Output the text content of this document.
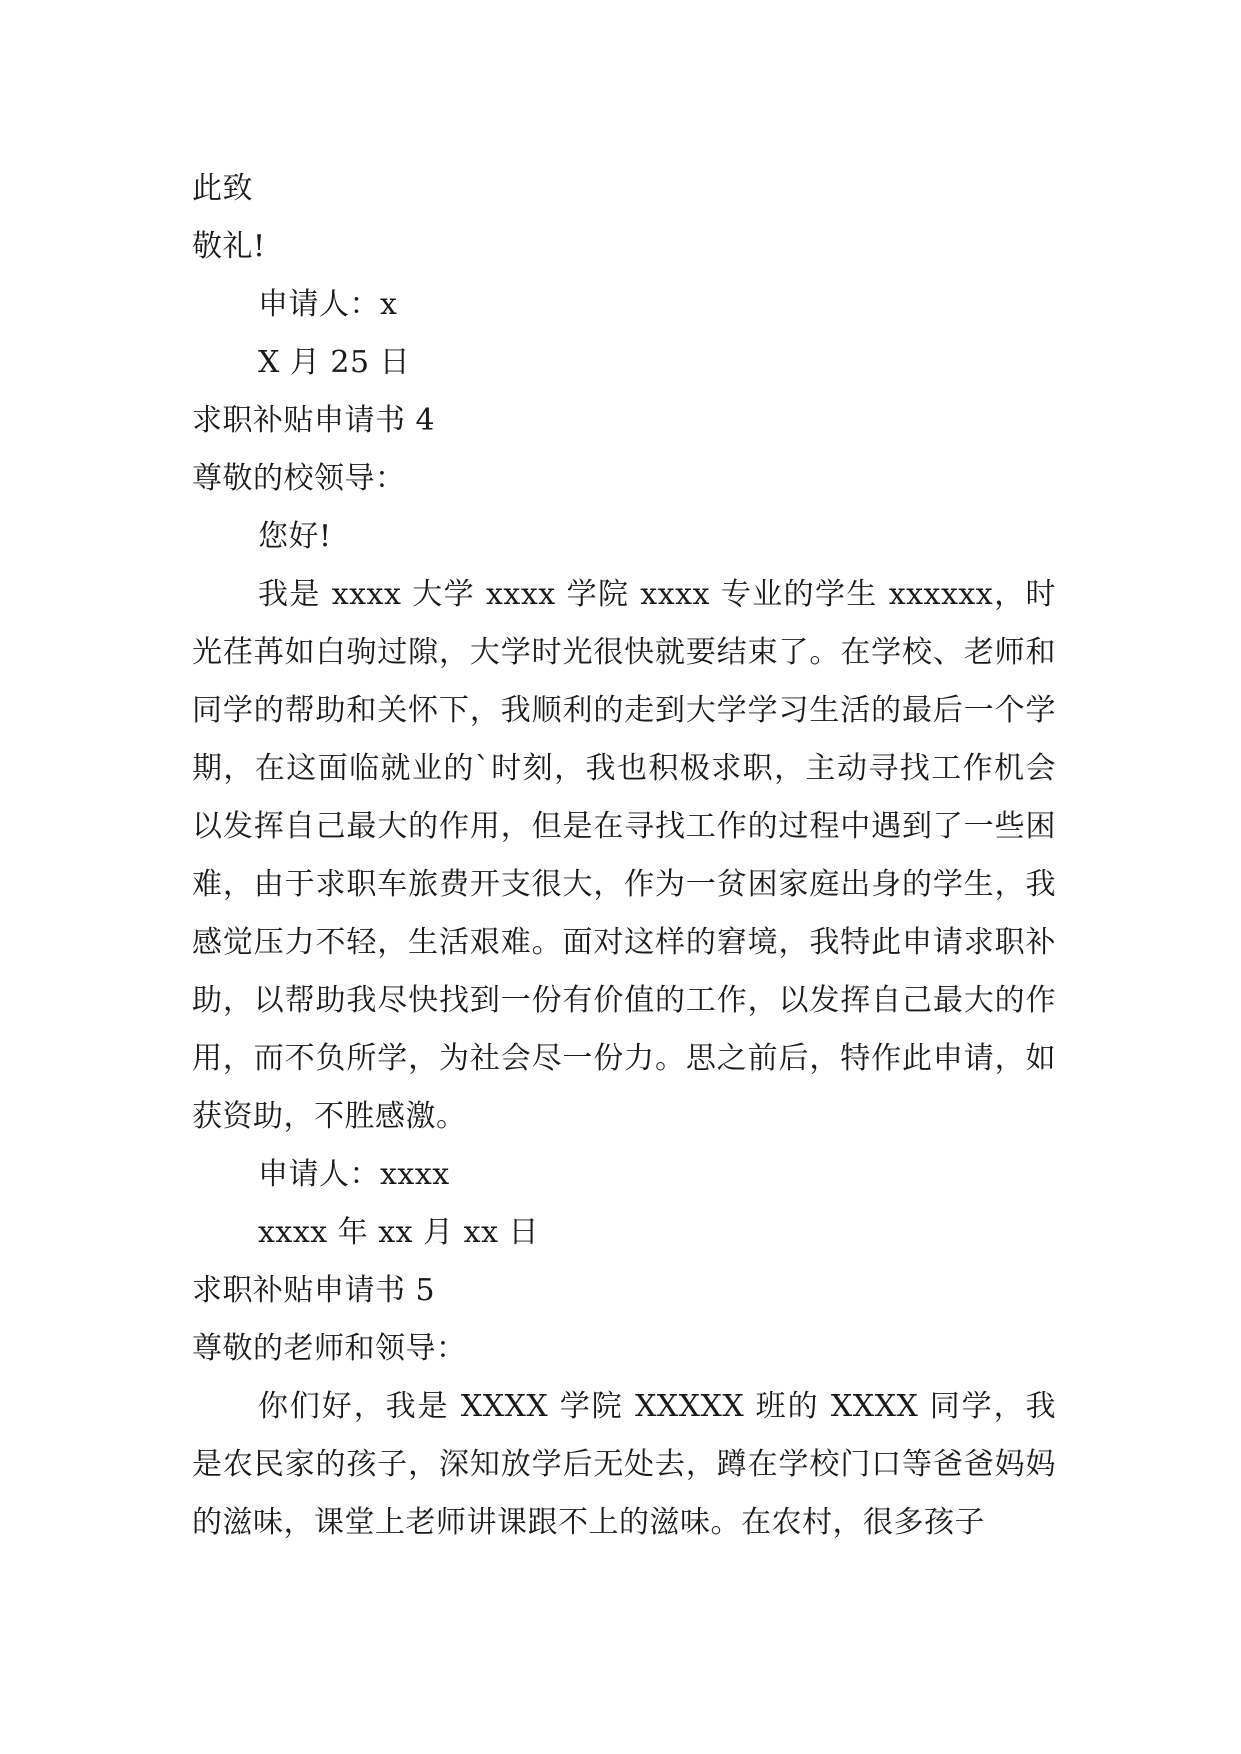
此致
敬礼!
申请人：x
X 月 25 日
求职补贴申请书 4
尊敬的校领导：
您好!

我是 xxxx 大学 xxxx 学院 xxxx 专业的学生 xxxxxx，时光荏苒如白驹过隙，大学时光很快就要结束了。在学校、老师和同学的帮助和关怀下，我顺利的走到大学学习生活的最后一个学期，在这面临就业的`时刻，我也积极求职，主动寻找工作机会以发挥自己最大的作用，但是在寻找工作的过程中遇到了一些困难，由于求职车旅费开支很大，作为一贫困家庭出身的学生，我感觉压力不轻，生活艰难。面对这样的窘境，我特此申请求职补助，以帮助我尽快找到一份有价值的工作，以发挥自己最大的作用，而不负所学，为社会尽一份力。思之前后，特作此申请，如获资助，不胜感激。

申请人：xxxx
xxxx 年 xx 月 xx 日
求职补贴申请书 5
尊敬的老师和领导：

你们好，我是 XXXX 学院 XXXXX 班的 XXXX 同学，我是农民家的孩子，深知放学后无处去，蹲在学校门口等爸爸妈妈的滋味，课堂上老师讲课跟不上的滋味。在农村，很多孩子
